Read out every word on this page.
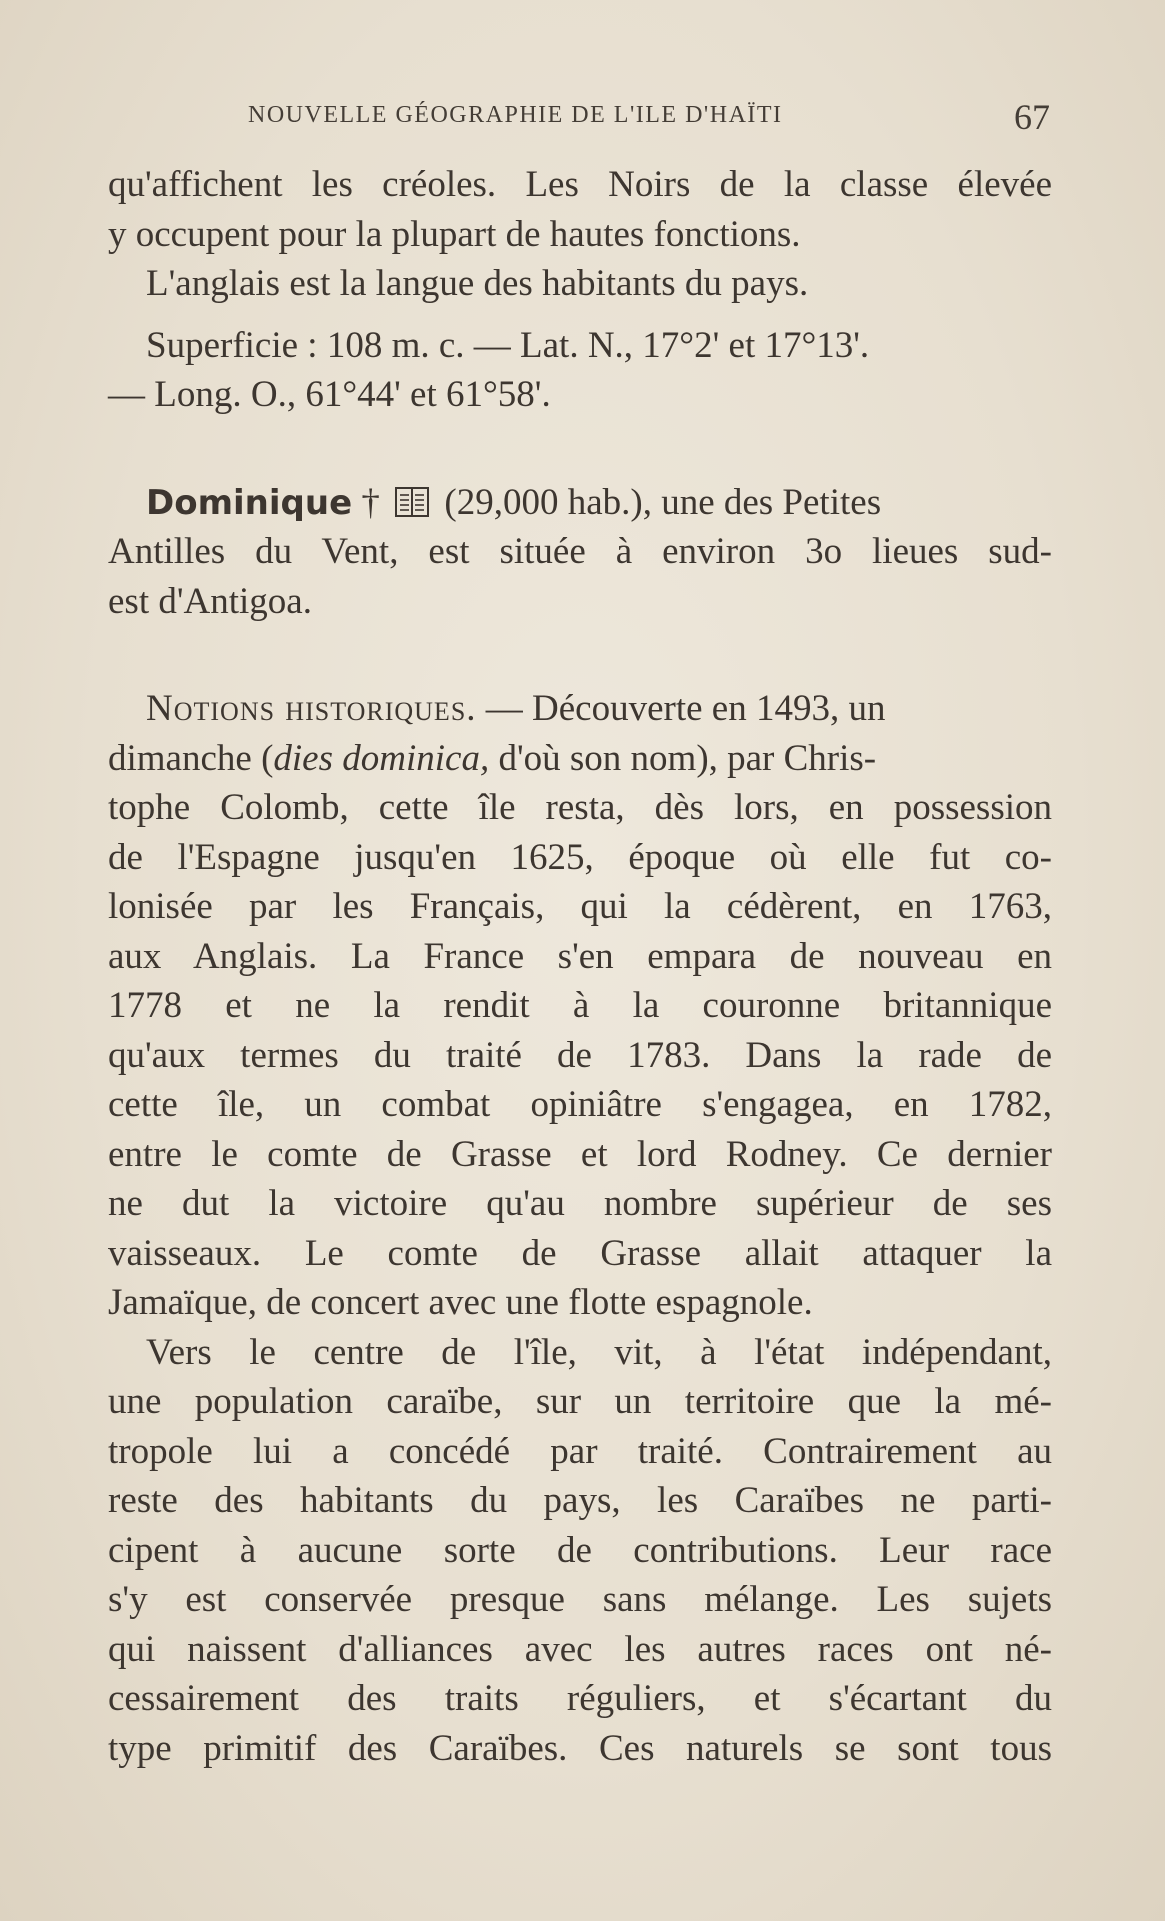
NOUVELLE GÉOGRAPHIE DE L'ILE D'HAÏTI	67
qu'affichent les créoles. Les Noirs de la classe élevée
y occupent pour la plupart de hautes fonctions.
L'anglais est la langue des habitants du pays.
Superficie : 108 m. c. — Lat. N., 17°2' et 17°13'.
— Long. O., 61°44' et 61°58'.
Dominique † (29,000 hab.), une des Petites
Antilles du Vent, est située à environ 3o lieues sud-
est d'Antigoa.
Notions historiques. — Découverte en 1493, un
dimanche (dies dominica, d'où son nom), par Chris-
tophe Colomb, cette île resta, dès lors, en possession
de l'Espagne jusqu'en 1625, époque où elle fut co-
lonisée par les Français, qui la cédèrent, en 1763,
aux Anglais. La France s'en empara de nouveau en
1778 et ne la rendit à la couronne britannique
qu'aux termes du traité de 1783. Dans la rade de
cette île, un combat opiniâtre s'engagea, en 1782,
entre le comte de Grasse et lord Rodney. Ce dernier
ne dut la victoire qu'au nombre supérieur de ses
vaisseaux. Le comte de Grasse allait attaquer la
Jamaïque, de concert avec une flotte espagnole.
Vers le centre de l'île, vit, à l'état indépendant,
une population caraïbe, sur un territoire que la mé-
tropole lui a concédé par traité. Contrairement au
reste des habitants du pays, les Caraïbes ne parti-
cipent à aucune sorte de contributions. Leur race
s'y est conservée presque sans mélange. Les sujets
qui naissent d'alliances avec les autres races ont né-
cessairement des traits réguliers, et s'écartant du
type primitif des Caraïbes. Ces naturels se sont tous
